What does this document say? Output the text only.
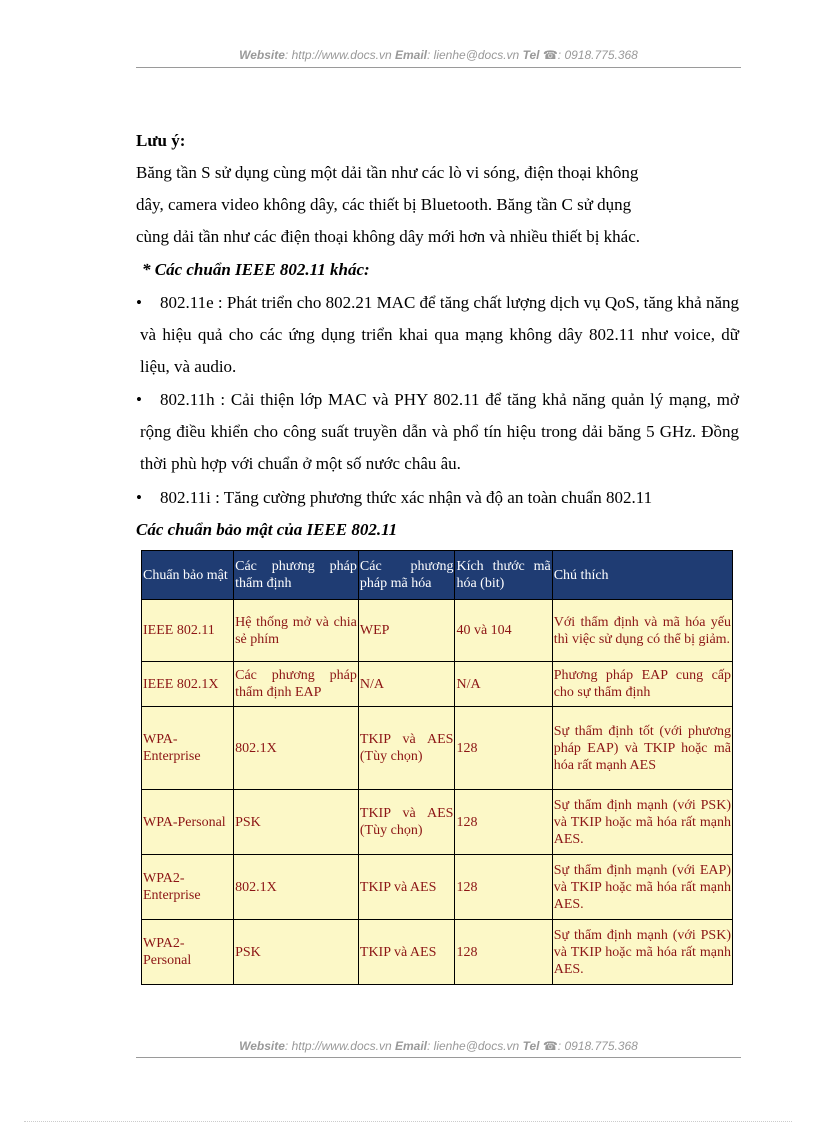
Website: http://www.docs.vn Email: lienhe@docs.vn Tel ☎: 0918.775.368
Lưu ý:
Băng tần S sử dụng cùng một dải tần như các lò vi sóng, điện thoại không
dây, camera video không dây, các thiết bị Bluetooth. Băng tần C sử dụng
cùng dải tần như các điện thoại không dây mới hơn và nhiều thiết bị khác.
* Các chuẩn IEEE 802.11 khác:
•	802.11e : Phát triển cho 802.21 MAC để tăng chất lượng dịch vụ QoS, tăng khả năng và hiệu quả cho các ứng dụng triển khai qua mạng không dây 802.11 như voice, dữ liệu, và audio.
•	802.11h : Cải thiện lớp MAC và PHY 802.11 để tăng khả năng quản lý mạng, mở rộng điều khiển cho công suất truyền dẫn và phổ tín hiệu trong dải băng 5 GHz. Đồng thời phù hợp với chuẩn ở một số nước châu âu.
•	802.11i : Tăng cường phương thức xác nhận và độ an toàn chuẩn 802.11
Các chuẩn bảo mật của IEEE 802.11
Chuẩn bảo mật	Các phương pháp thẩm định	Các phương pháp mã hóa	Kích thước mã hóa (bit)	Chú thích
IEEE 802.11	Hệ thống mở và chia sẻ phím	WEP	40 và 104	Với thẩm định và mã hóa yếu thì việc sử dụng có thể bị giảm.
IEEE 802.1X	Các phương pháp thẩm định EAP	N/A	N/A	Phương pháp EAP cung cấp cho sự thẩm định
WPA-Enterprise	802.1X	TKIP và AES (Tùy chọn)	128	Sự thẩm định tốt (với phương pháp EAP) và TKIP hoặc mã hóa rất mạnh AES
WPA-Personal	PSK	TKIP và AES (Tùy chọn)	128	Sự thẩm định mạnh (với PSK) và TKIP hoặc mã hóa rất mạnh AES.
WPA2-Enterprise	802.1X	TKIP và AES	128	Sự thẩm định mạnh (với EAP) và TKIP hoặc mã hóa rất mạnh AES.
WPA2-Personal	PSK	TKIP và AES	128	Sự thẩm định mạnh (với PSK) và TKIP hoặc mã hóa rất mạnh AES.
Website: http://www.docs.vn Email: lienhe@docs.vn Tel ☎: 0918.775.368
